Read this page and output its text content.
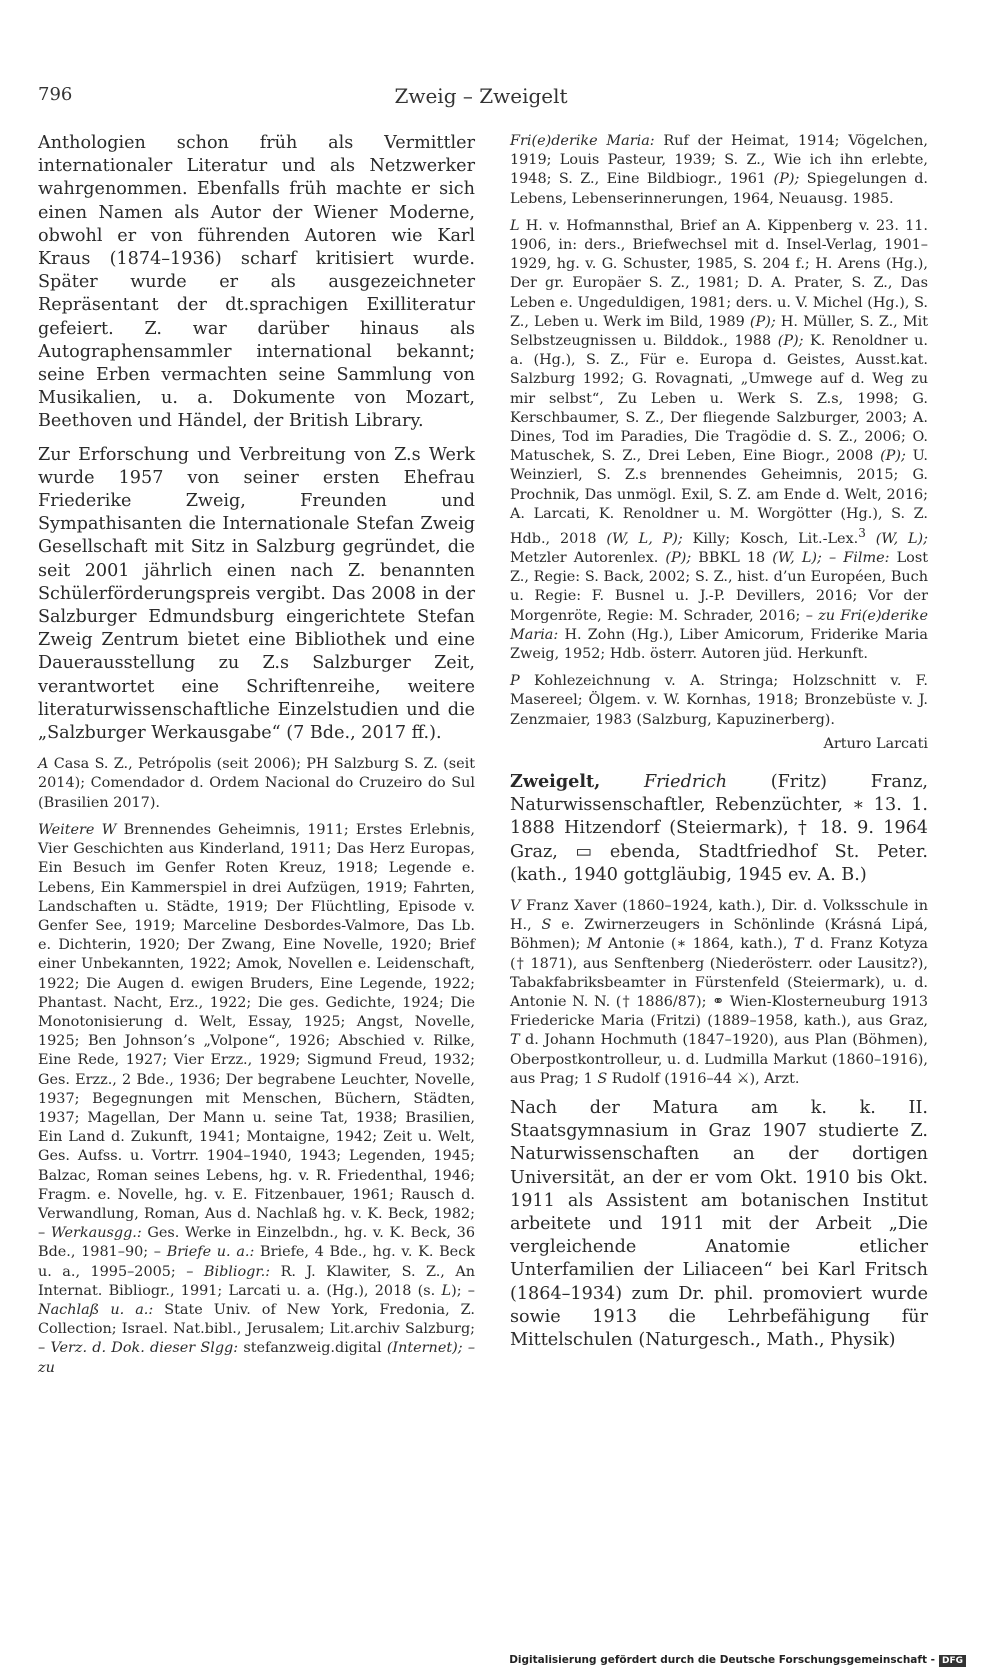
796	Zweig – Zweigelt

Anthologien schon früh als Vermittler internationaler Literatur und als Netzwerker wahrgenommen. Ebenfalls früh machte er sich einen Namen als Autor der Wiener Moderne, obwohl er von führenden Autoren wie Karl Kraus (1874–1936) scharf kritisiert wurde. Später wurde er als ausgezeichneter Repräsentant der dt.sprachigen Exilliteratur gefeiert. Z. war darüber hinaus als Autographensammler international bekannt; seine Erben vermachten seine Sammlung von Musikalien, u. a. Dokumente von Mozart, Beethoven und Händel, der British Library.

Zur Erforschung und Verbreitung von Z.s Werk wurde 1957 von seiner ersten Ehefrau Friederike Zweig, Freunden und Sympathisanten die Internationale Stefan Zweig Gesellschaft mit Sitz in Salzburg gegründet, die seit 2001 jährlich einen nach Z. benannten Schülerförderungspreis vergibt. Das 2008 in der Salzburger Edmundsburg eingerichtete Stefan Zweig Zentrum bietet eine Bibliothek und eine Dauerausstellung zu Z.s Salzburger Zeit, verantwortet eine Schriftenreihe, weitere literaturwissenschaftliche Einzelstudien und die „Salzburger Werkausgabe“ (7 Bde., 2017 ff.).

A Casa S. Z., Petrópolis (seit 2006); PH Salzburg S. Z. (seit 2014); Comendador d. Ordem Nacional do Cruzeiro do Sul (Brasilien 2017).

Weitere W Brennendes Geheimnis, 1911; Erstes Erlebnis, Vier Geschichten aus Kinderland, 1911; Das Herz Europas, Ein Besuch im Genfer Roten Kreuz, 1918; Legende e. Lebens, Ein Kammerspiel in drei Aufzügen, 1919; Fahrten, Landschaften u. Städte, 1919; Der Flüchtling, Episode v. Genfer See, 1919; Marceline Desbordes-Valmore, Das Lb. e. Dichterin, 1920; Der Zwang, Eine Novelle, 1920; Brief einer Unbekannten, 1922; Amok, Novellen e. Leidenschaft, 1922; Die Augen d. ewigen Bruders, Eine Legende, 1922; Phantast. Nacht, Erz., 1922; Die ges. Gedichte, 1924; Die Monotonisierung d. Welt, Essay, 1925; Angst, Novelle, 1925; Ben Johnson’s „Volpone“, 1926; Abschied v. Rilke, Eine Rede, 1927; Vier Erzz., 1929; Sigmund Freud, 1932; Ges. Erzz., 2 Bde., 1936; Der begrabene Leuchter, Novelle, 1937; Begegnungen mit Menschen, Büchern, Städten, 1937; Magellan, Der Mann u. seine Tat, 1938; Brasilien, Ein Land d. Zukunft, 1941; Montaigne, 1942; Zeit u. Welt, Ges. Aufss. u. Vortrr. 1904–1940, 1943; Legenden, 1945; Balzac, Roman seines Lebens, hg. v. R. Friedenthal, 1946; Fragm. e. Novelle, hg. v. E. Fitzenbauer, 1961; Rausch d. Verwandlung, Roman, Aus d. Nachlaß hg. v. K. Beck, 1982; – Werkausgg.: Ges. Werke in Einzelbdn., hg. v. K. Beck, 36 Bde., 1981–90; – Briefe u. a.: Briefe, 4 Bde., hg. v. K. Beck u. a., 1995–2005; – Bibliogr.: R. J. Klawiter, S. Z., An Internat. Bibliogr., 1991; Larcati u. a. (Hg.), 2018 (s. L); – Nachlaß u. a.: State Univ. of New York, Fredonia, Z. Collection; Israel. Nat.bibl., Jerusalem; Lit.archiv Salzburg; – Verz. d. Dok. dieser Slgg: stefanzweig.digital (Internet); – zu

Fri(e)derike Maria: Ruf der Heimat, 1914; Vögelchen, 1919; Louis Pasteur, 1939; S. Z., Wie ich ihn erlebte, 1948; S. Z., Eine Bildbiogr., 1961 (P); Spiegelungen d. Lebens, Lebenserinnerungen, 1964, Neuausg. 1985.

L H. v. Hofmannsthal, Brief an A. Kippenberg v. 23. 11. 1906, in: ders., Briefwechsel mit d. Insel-Verlag, 1901–1929, hg. v. G. Schuster, 1985, S. 204 f.; H. Arens (Hg.), Der gr. Europäer S. Z., 1981; D. A. Prater, S. Z., Das Leben e. Ungeduldigen, 1981; ders. u. V. Michel (Hg.), S. Z., Leben u. Werk im Bild, 1989 (P); H. Müller, S. Z., Mit Selbstzeugnissen u. Bilddok., 1988 (P); K. Renoldner u. a. (Hg.), S. Z., Für e. Europa d. Geistes, Ausst.kat. Salzburg 1992; G. Rovagnati, „Umwege auf d. Weg zu mir selbst“, Zu Leben u. Werk S. Z.s, 1998; G. Kerschbaumer, S. Z., Der fliegende Salzburger, 2003; A. Dines, Tod im Paradies, Die Tragödie d. S. Z., 2006; O. Matuschek, S. Z., Drei Leben, Eine Biogr., 2008 (P); U. Weinzierl, S. Z.s brennendes Geheimnis, 2015; G. Prochnik, Das unmögl. Exil, S. Z. am Ende d. Welt, 2016; A. Larcati, K. Renoldner u. M. Worgötter (Hg.), S. Z. Hdb., 2018 (W, L, P); Killy; Kosch, Lit.-Lex.$^3$ (W, L); Metzler Autorenlex. (P); BBKL 18 (W, L); – Filme: Lost Z., Regie: S. Back, 2002; S. Z., hist. d’un Européen, Buch u. Regie: F. Busnel u. J.-P. Devillers, 2016; Vor der Morgenröte, Regie: M. Schrader, 2016; – zu Fri(e)derike Maria: H. Zohn (Hg.), Liber Amicorum, Friderike Maria Zweig, 1952; Hdb. österr. Autoren jüd. Herkunft.

P Kohlezeichnung v. A. Stringa; Holzschnitt v. F. Masereel; Ölgem. v. W. Kornhas, 1918; Bronzebüste v. J. Zenzmaier, 1983 (Salzburg, Kapuzinerberg).

Arturo Larcati

Zweigelt, Friedrich (Fritz) Franz, Naturwissenschaftler, Rebenzüchter, ∗ 13. 1. 1888 Hitzendorf (Steiermark), † 18. 9. 1964 Graz, ▭ ebenda, Stadtfriedhof St. Peter. (kath., 1940 gottgläubig, 1945 ev. A. B.)

V Franz Xaver (1860–1924, kath.), Dir. d. Volksschule in H., S e. Zwirnerzeugers in Schönlinde (Krásná Lipá, Böhmen); M Antonie (∗ 1864, kath.), T d. Franz Kotyza († 1871), aus Senftenberg (Niederösterr. oder Lausitz?), Tabakfabriksbeamter in Fürstenfeld (Steiermark), u. d. Antonie N. N. († 1886/87); ⚭ Wien-Klosterneuburg 1913 Friedericke Maria (Fritzi) (1889–1958, kath.), aus Graz, T d. Johann Hochmuth (1847–1920), aus Plan (Böhmen), Oberpostkontrolleur, u. d. Ludmilla Markut (1860–1916), aus Prag; 1 S Rudolf (1916–44 ⚔), Arzt.

Nach der Matura am k. k. II. Staatsgymnasium in Graz 1907 studierte Z. Naturwissenschaften an der dortigen Universität, an der er vom Okt. 1910 bis Okt. 1911 als Assistent am botanischen Institut arbeitete und 1911 mit der Arbeit „Die vergleichende Anatomie etlicher Unterfamilien der Liliaceen“ bei Karl Fritsch (1864–1934) zum Dr. phil. promoviert wurde sowie 1913 die Lehrbefähigung für Mittelschulen (Naturgesch., Math., Physik)

Digitalisierung gefördert durch die Deutsche Forschungsgemeinschaft - DFG
